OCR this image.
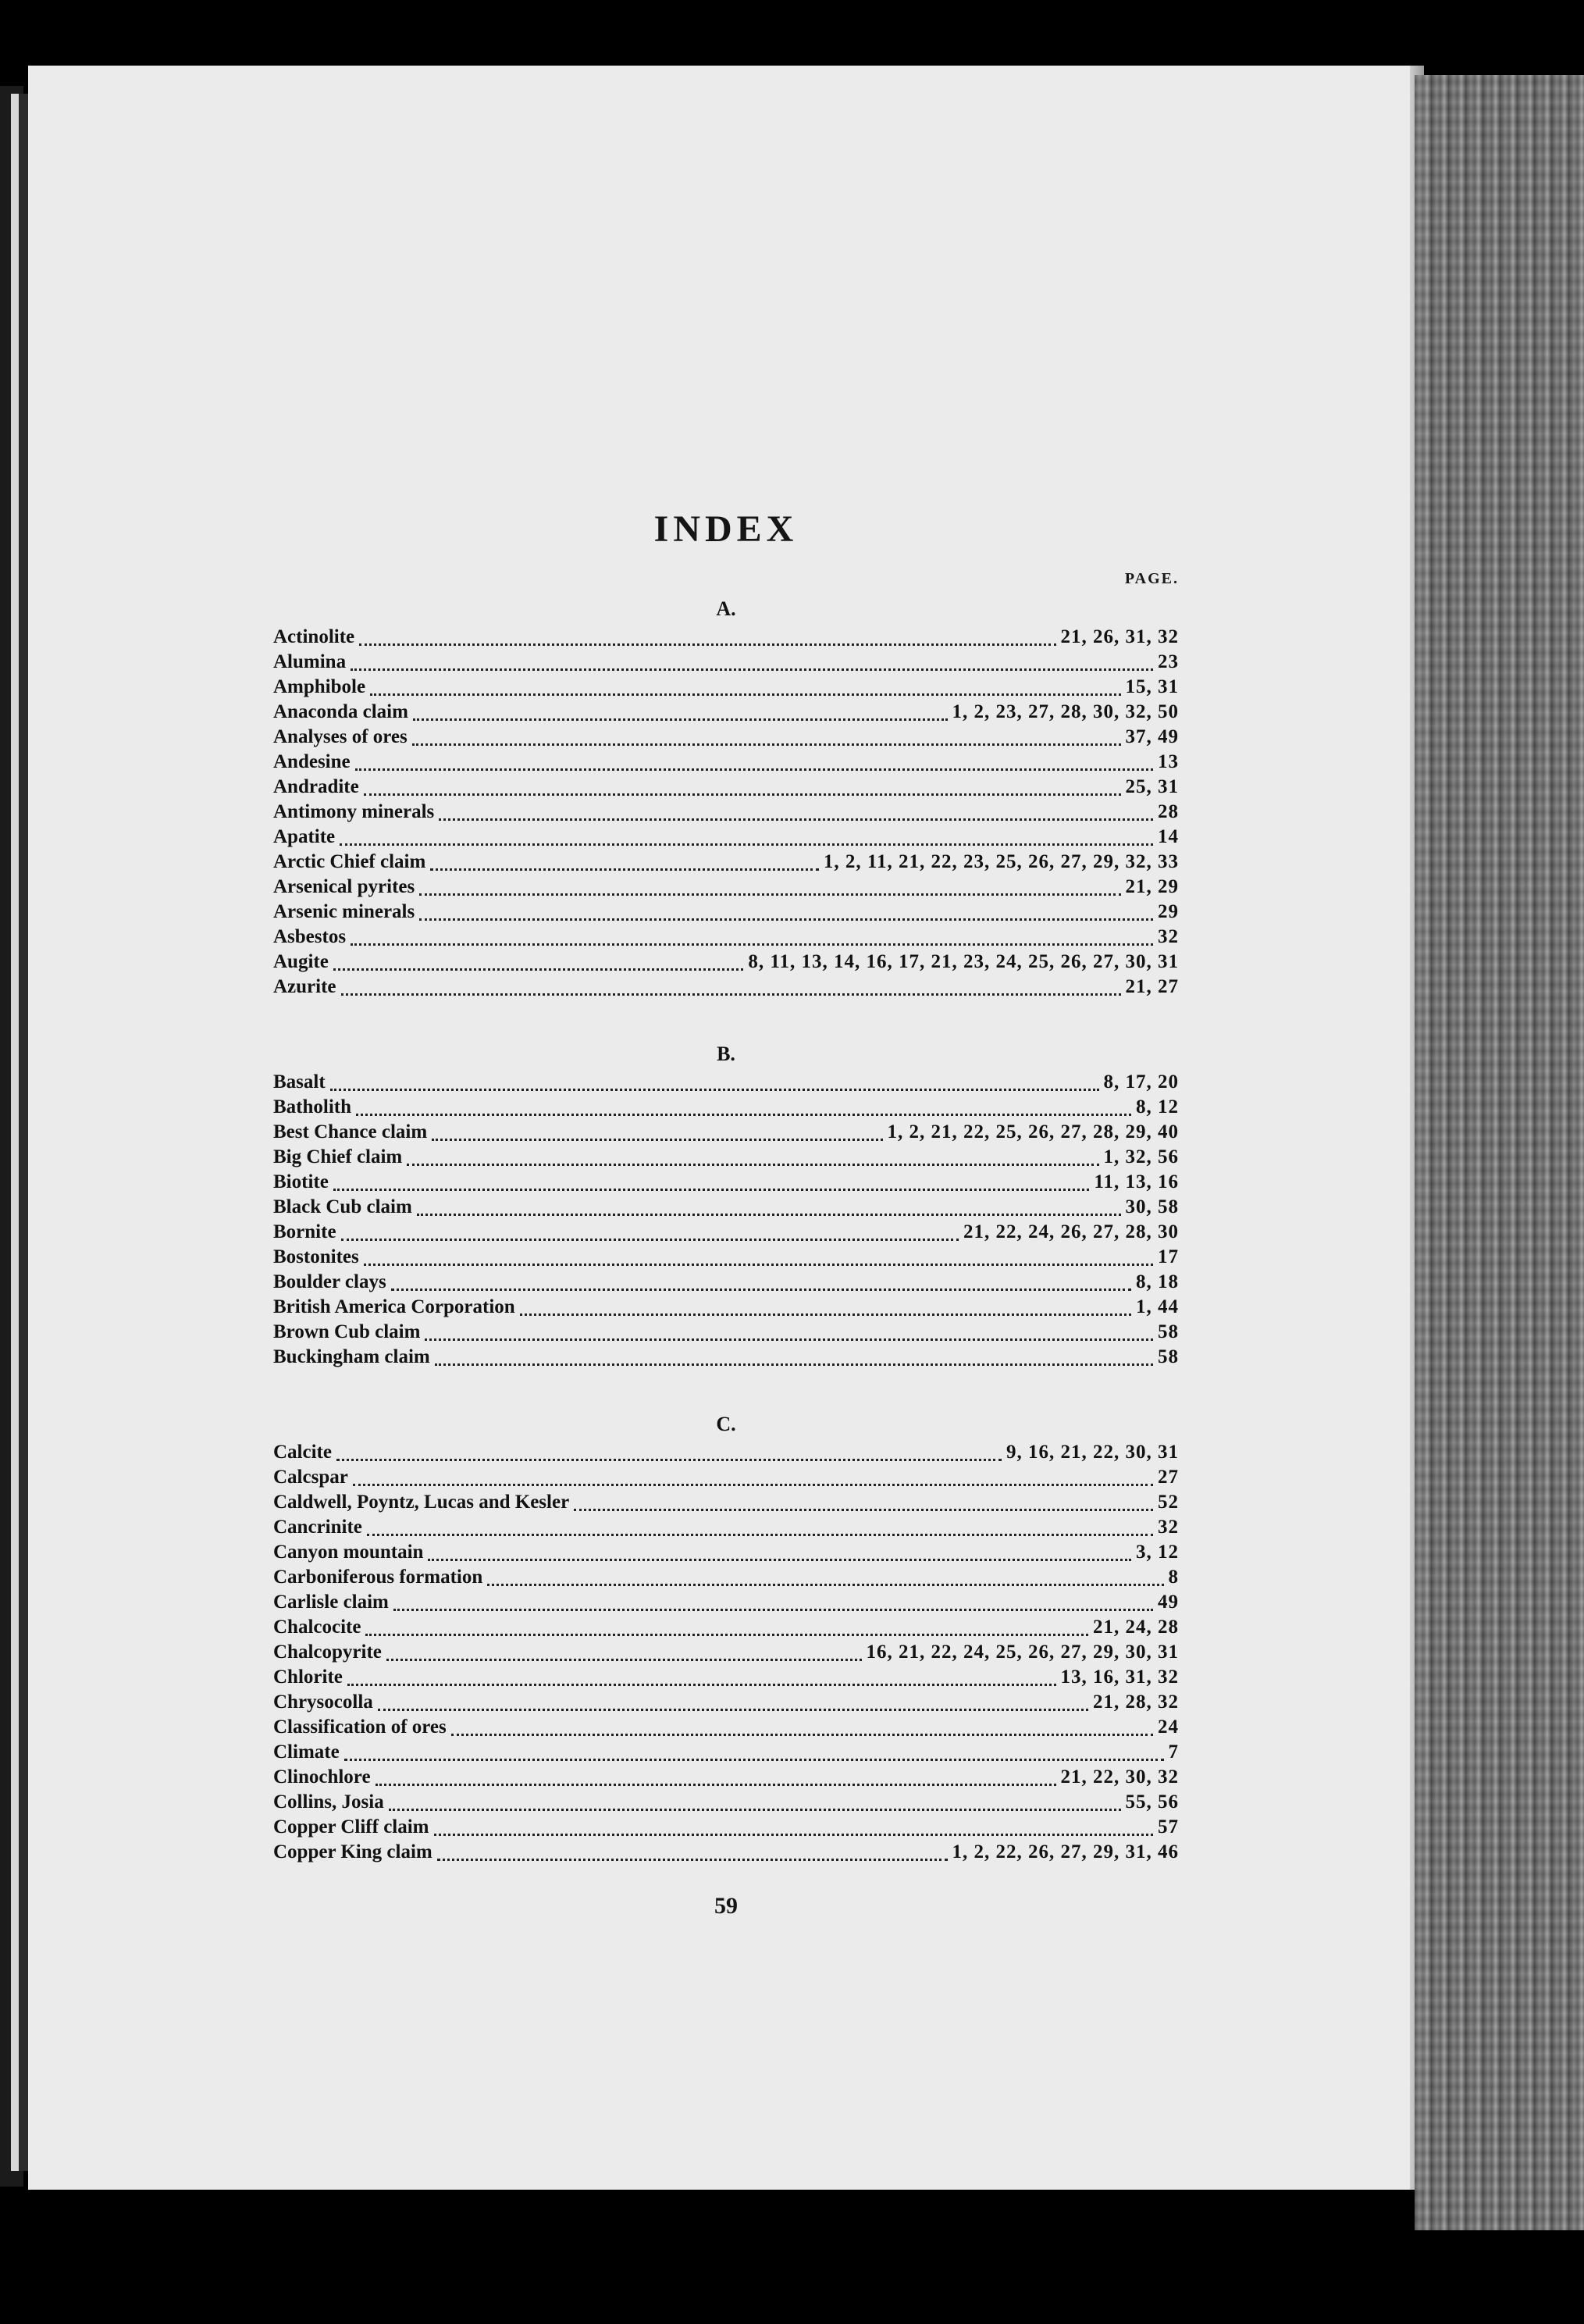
INDEX
PAGE.
A.
Actinolite	21, 26, 31, 32
Alumina	23
Amphibole	15, 31
Anaconda claim	1, 2, 23, 27, 28, 30, 32, 50
Analyses of ores	37, 49
Andesine	13
Andradite	25, 31
Antimony minerals	28
Apatite	14
Arctic Chief claim	1, 2, 11, 21, 22, 23, 25, 26, 27, 29, 32, 33
Arsenical pyrites	21, 29
Arsenic minerals	29
Asbestos	32
Augite	8, 11, 13, 14, 16, 17, 21, 23, 24, 25, 26, 27, 30, 31
Azurite	21, 27
B.
Basalt	8, 17, 20
Batholith	8, 12
Best Chance claim	1, 2, 21, 22, 25, 26, 27, 28, 29, 40
Big Chief claim	1, 32, 56
Biotite	11, 13, 16
Black Cub claim	30, 58
Bornite	21, 22, 24, 26, 27, 28, 30
Bostonites	17
Boulder clays	8, 18
British America Corporation	1, 44
Brown Cub claim	58
Buckingham claim	58
C.
Calcite	9, 16, 21, 22, 30, 31
Calcspar	27
Caldwell, Poyntz, Lucas and Kesler	52
Cancrinite	32
Canyon mountain	3, 12
Carboniferous formation	8
Carlisle claim	49
Chalcocite	21, 24, 28
Chalcopyrite	16, 21, 22, 24, 25, 26, 27, 29, 30, 31
Chlorite	13, 16, 31, 32
Chrysocolla	21, 28, 32
Classification of ores	24
Climate	7
Clinochlore	21, 22, 30, 32
Collins, Josia	55, 56
Copper Cliff claim	57
Copper King claim	1, 2, 22, 26, 27, 29, 31, 46
59
